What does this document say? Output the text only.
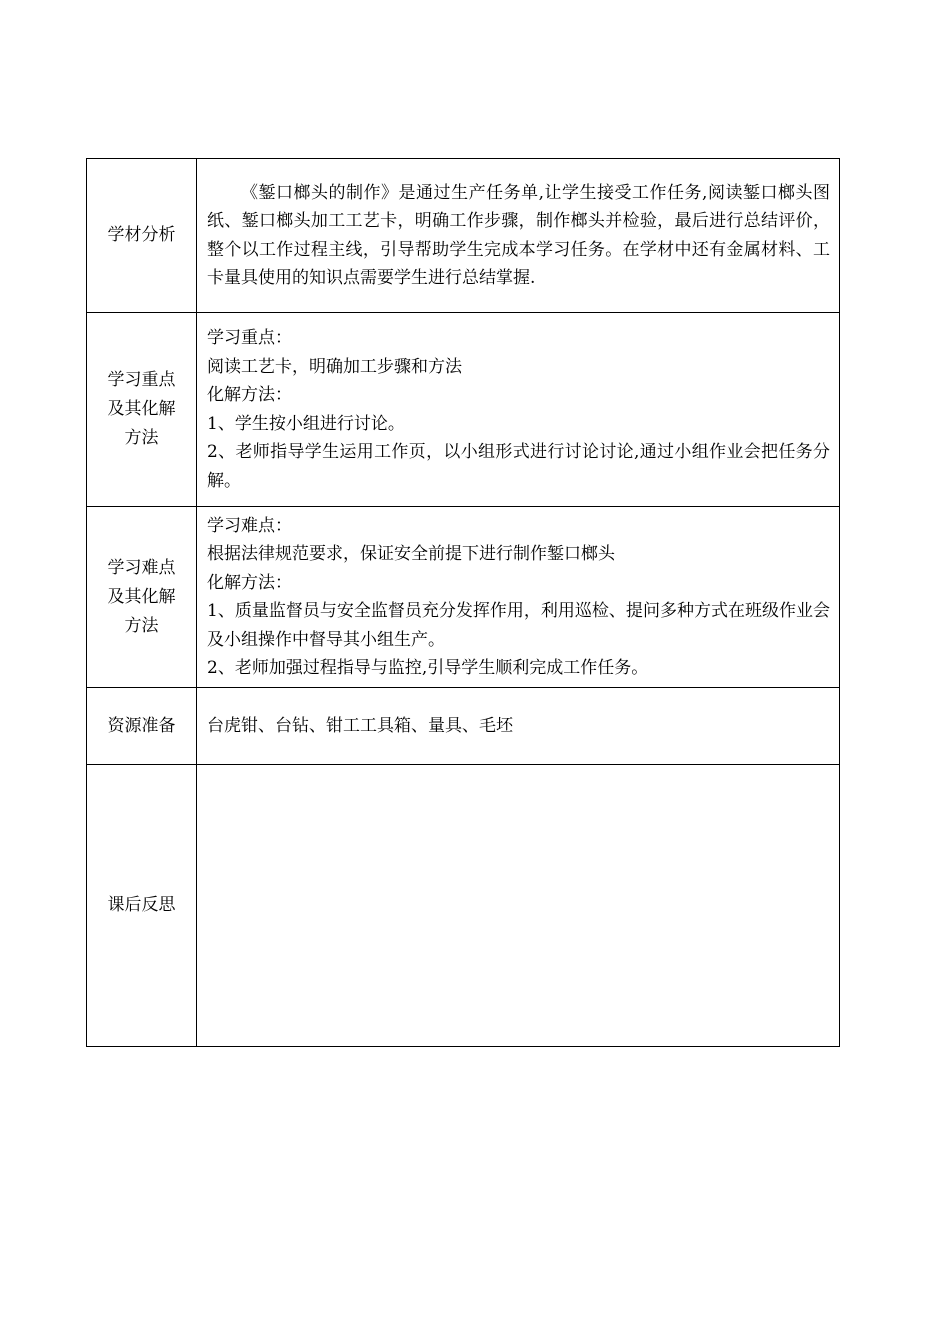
学材分析	《錾口榔头的制作》是通过生产任务单,让学生接受工作任务,阅读錾口榔头图纸、錾口榔头加工工艺卡，明确工作步骤，制作榔头并检验，最后进行总结评价，整个以工作过程主线，引导帮助学生完成本学习任务。在学材中还有金属材料、工卡量具使用的知识点需要学生进行总结掌握.

学习重点
及其化解
方法	学习重点：
阅读工艺卡，明确加工步骤和方法
化解方法：
1、学生按小组进行讨论。
2、老师指导学生运用工作页，以小组形式进行讨论讨论,通过小组作业会把任务分解。

学习难点
及其化解
方法	学习难点：
根据法律规范要求，保证安全前提下进行制作錾口榔头
化解方法：
1、质量监督员与安全监督员充分发挥作用，利用巡检、提问多种方式在班级作业会及小组操作中督导其小组生产。
2、老师加强过程指导与监控,引导学生顺利完成工作任务。

资源准备	台虎钳、台钻、钳工工具箱、量具、毛坯

课后反思	
